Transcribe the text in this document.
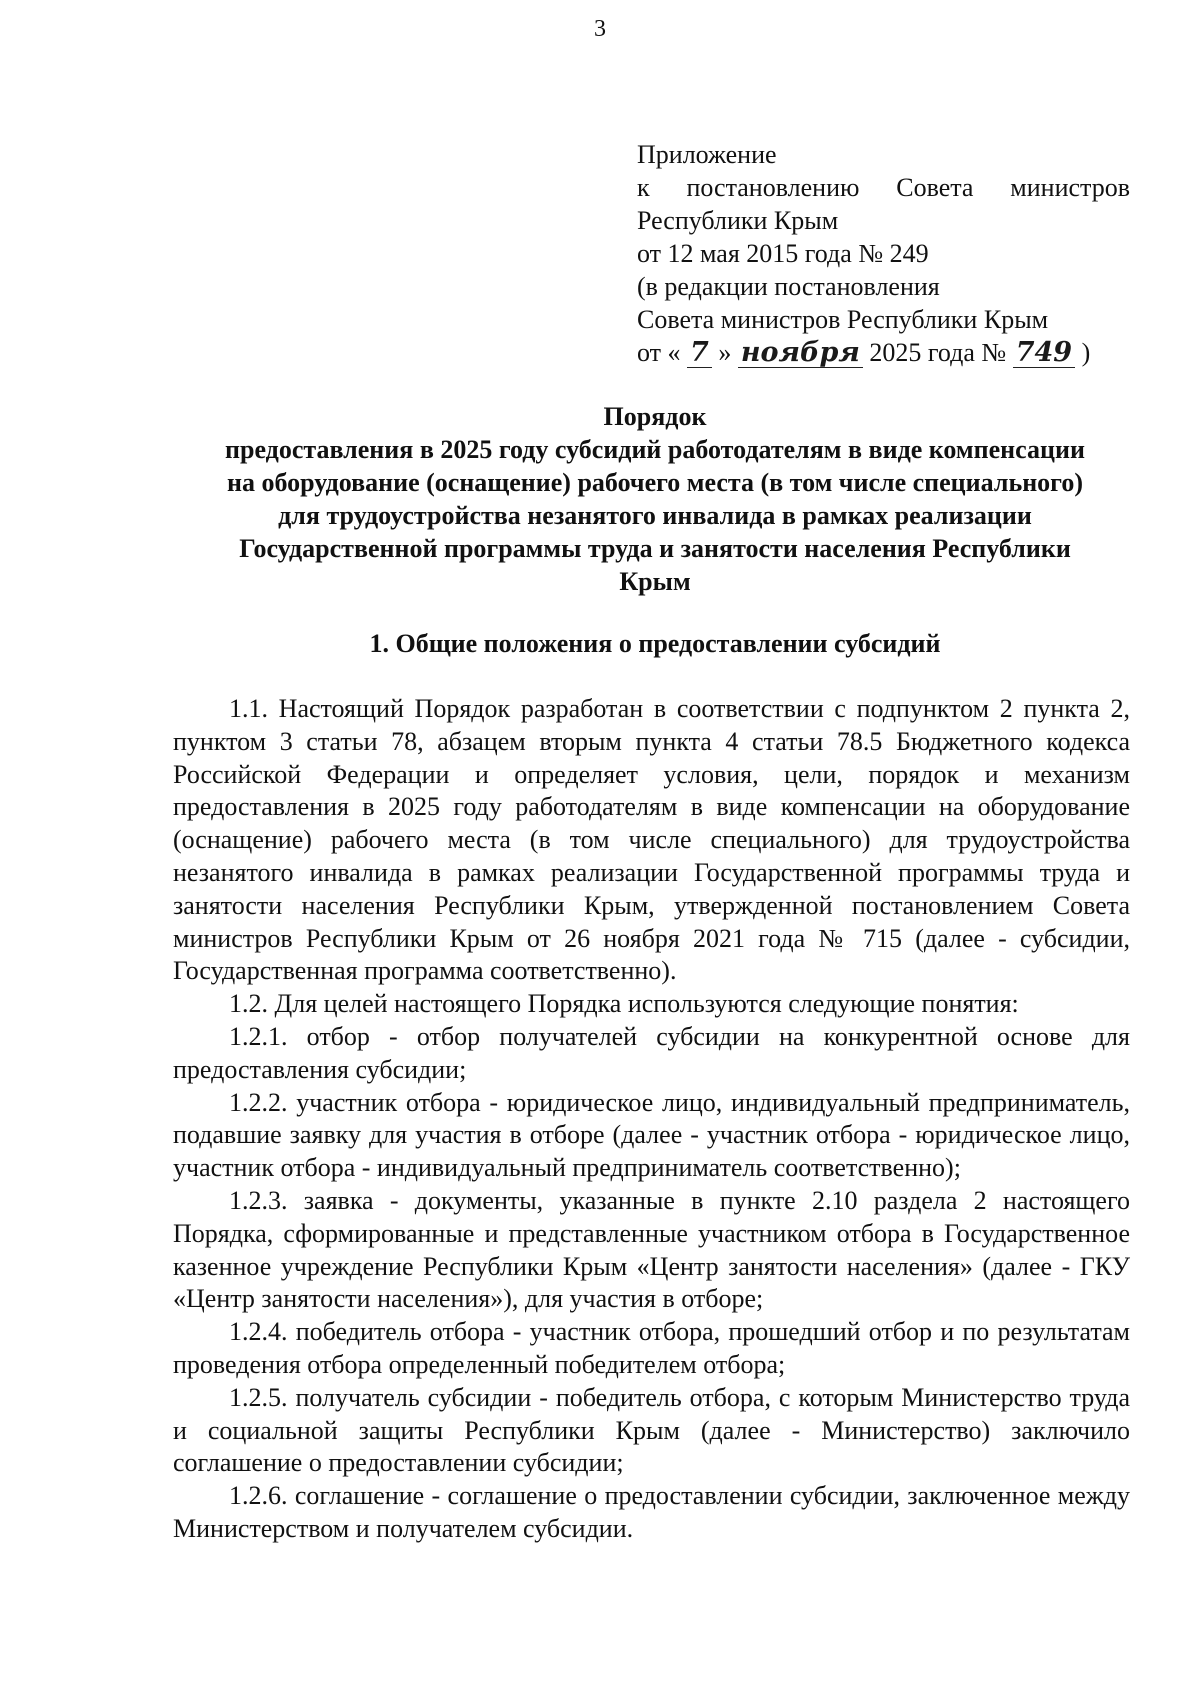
3
Приложение
к постановлению Совета министров
Республики Крым
от 12 мая 2015 года № 249
(в редакции постановления
Совета министров Республики Крым
от « 7 » ноября 2025 года № 749 )
Порядок
предоставления в 2025 году субсидий работодателям в виде компенсации
на оборудование (оснащение) рабочего места (в том числе специального)
для трудоустройства незанятого инвалида в рамках реализации
Государственной программы труда и занятости населения Республики
Крым
1. Общие положения о предоставлении субсидий

1.1. Настоящий Порядок разработан в соответствии с подпунктом 2 пункта 2, пунктом 3 статьи 78, абзацем вторым пункта 4 статьи 78.5 Бюджетного кодекса Российской Федерации и определяет условия, цели, порядок и механизм предоставления в 2025 году работодателям в виде компенсации на оборудование (оснащение) рабочего места (в том числе специального) для трудоустройства незанятого инвалида в рамках реализации Государственной программы труда и занятости населения Республики Крым, утвержденной постановлением Совета министров Республики Крым от 26 ноября 2021 года № 715 (далее - субсидии, Государственная программа соответственно).

1.2. Для целей настоящего Порядка используются следующие понятия:

1.2.1. отбор - отбор получателей субсидии на конкурентной основе для предоставления субсидии;

1.2.2. участник отбора - юридическое лицо, индивидуальный предприниматель, подавшие заявку для участия в отборе (далее - участник отбора - юридическое лицо, участник отбора - индивидуальный предприниматель соответственно);

1.2.3. заявка - документы, указанные в пункте 2.10 раздела 2 настоящего Порядка, сформированные и представленные участником отбора в Государственное казенное учреждение Республики Крым «Центр занятости населения» (далее - ГКУ «Центр занятости населения»), для участия в отборе;

1.2.4. победитель отбора - участник отбора, прошедший отбор и по результатам проведения отбора определенный победителем отбора;

1.2.5. получатель субсидии - победитель отбора, с которым Министерство труда и социальной защиты Республики Крым (далее - Министерство) заключило соглашение о предоставлении субсидии;

1.2.6. соглашение - соглашение о предоставлении субсидии, заключенное между Министерством и получателем субсидии.
